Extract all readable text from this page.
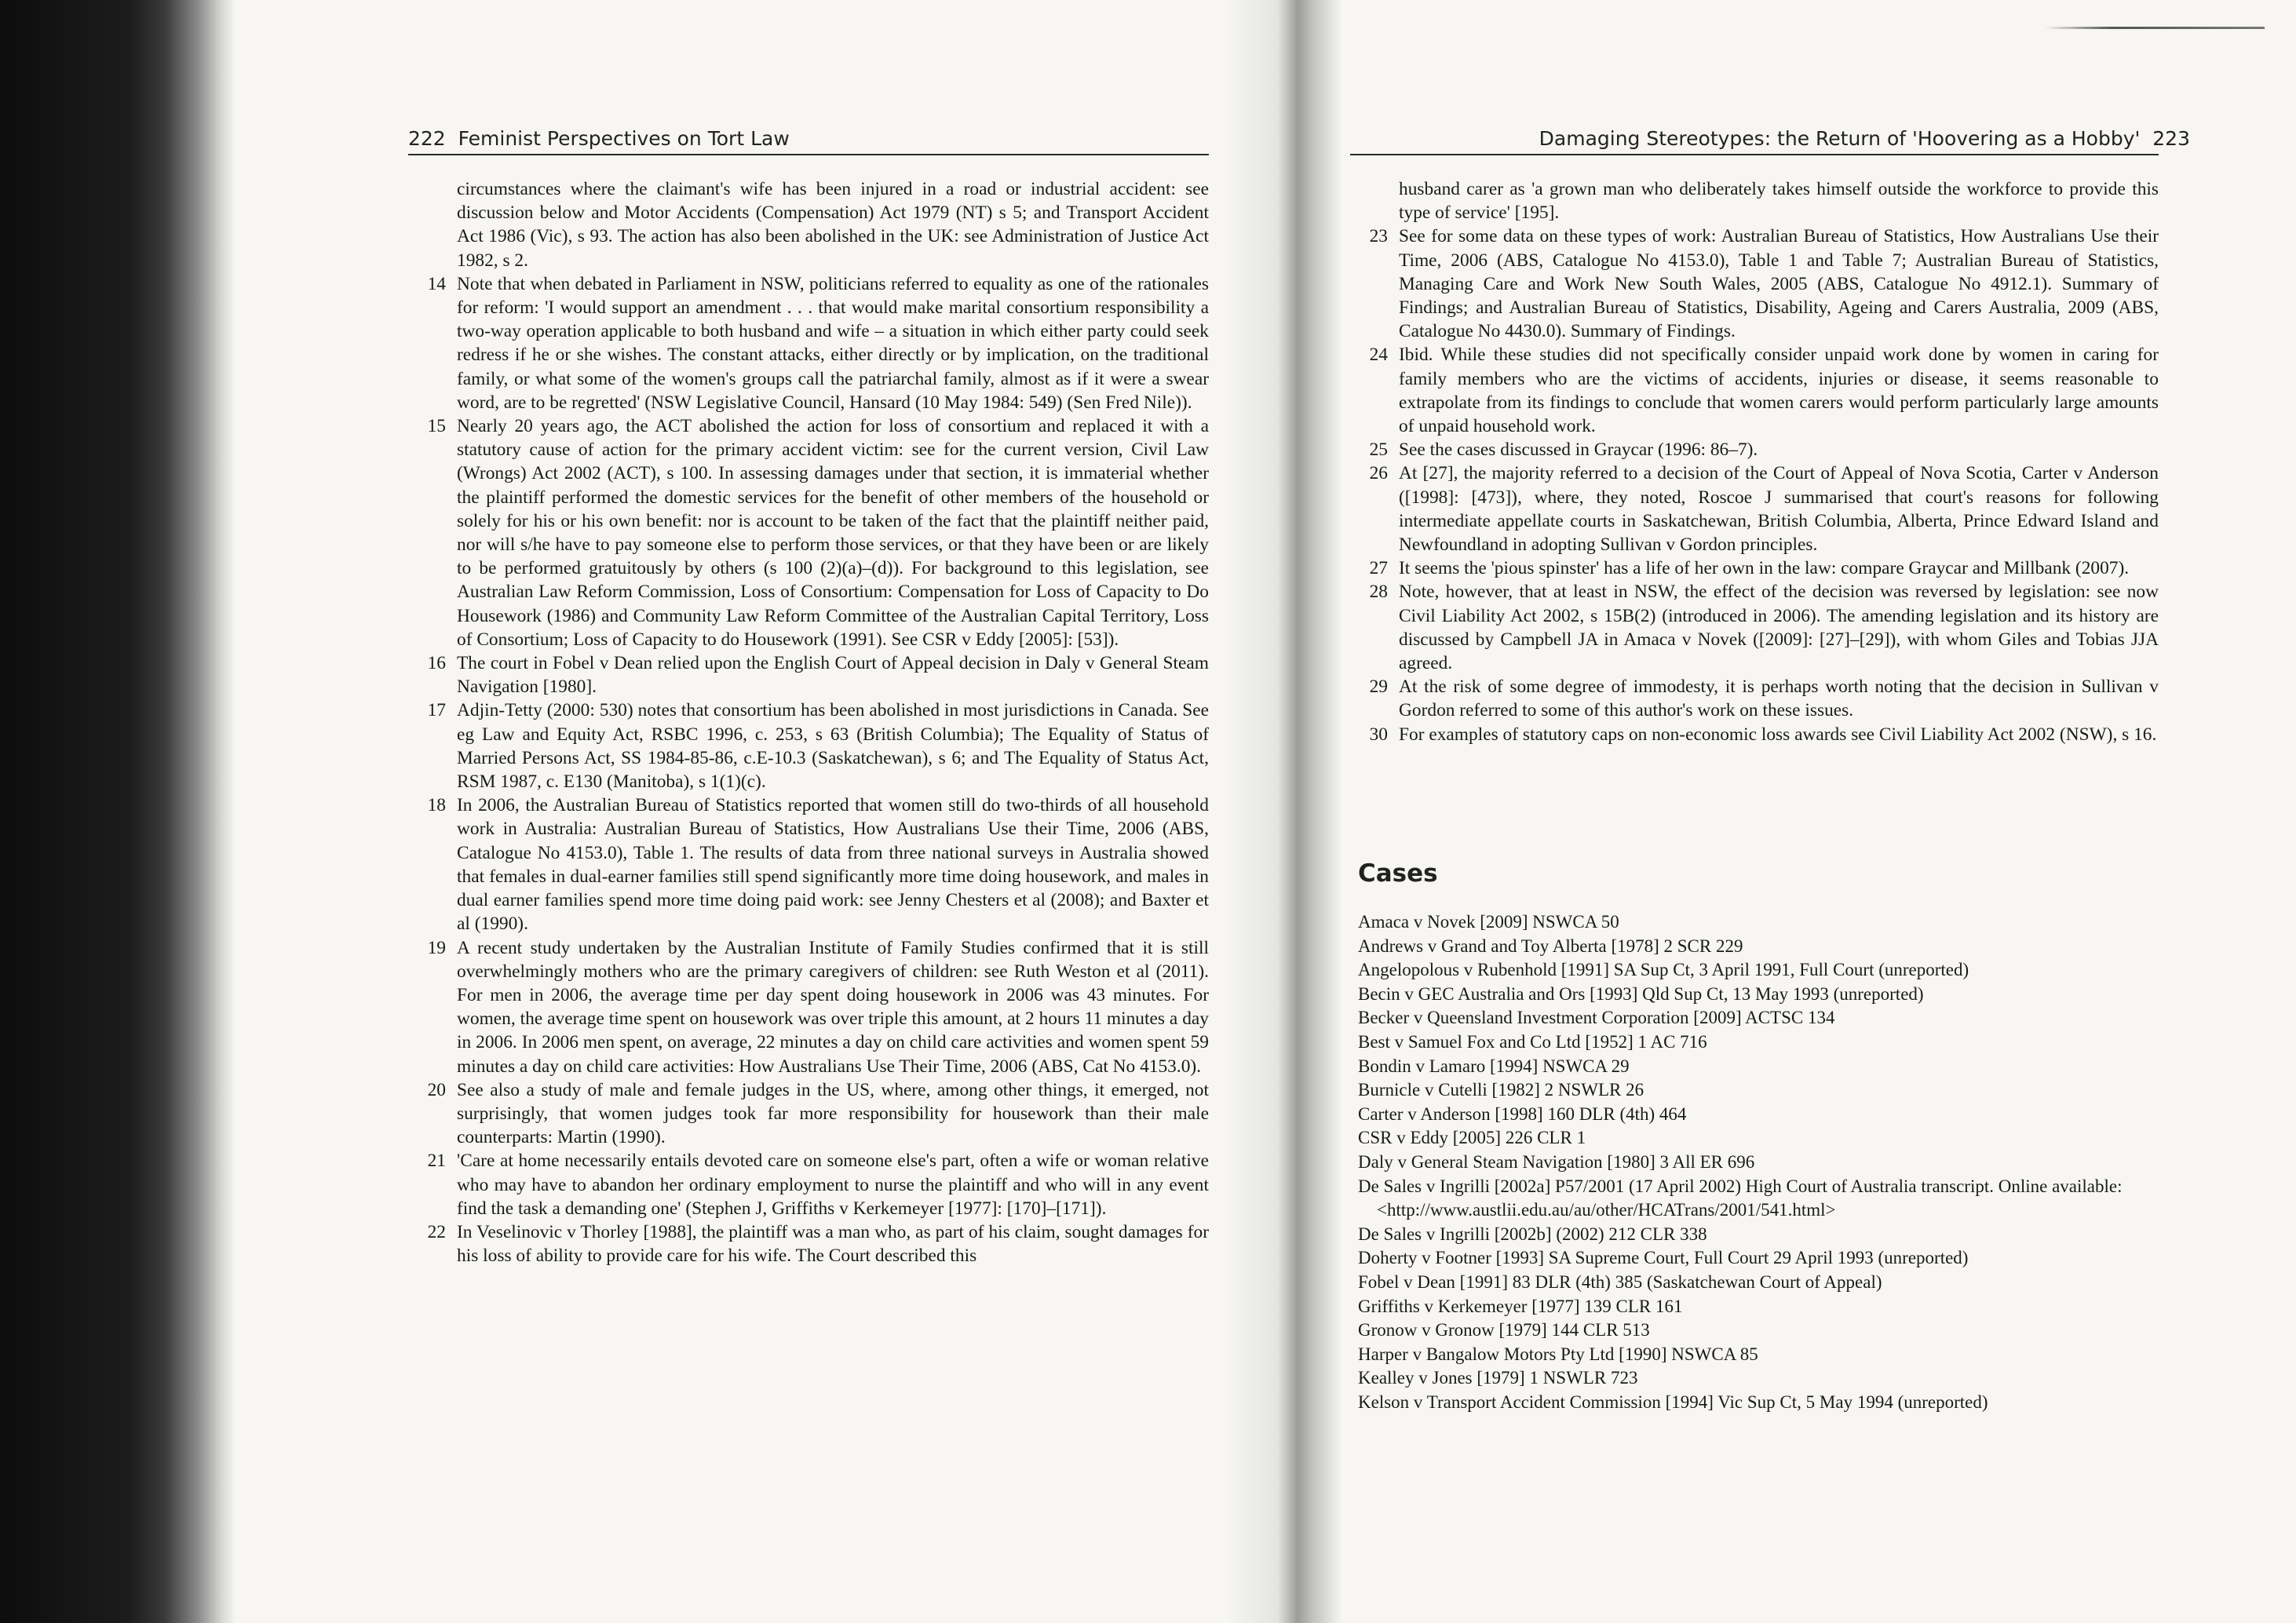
222 Feminist Perspectives on Tort Law
circumstances where the claimant's wife has been injured in a road or industrial accident: see discussion below and Motor Accidents (Compensation) Act 1979 (NT) s 5; and Transport Accident Act 1986 (Vic), s 93. The action has also been abolished in the UK: see Administration of Justice Act 1982, s 2.
14 Note that when debated in Parliament in NSW, politicians referred to equality as one of the rationales for reform: 'I would support an amendment . . . that would make marital consortium responsibility a two-way operation applicable to both husband and wife – a situation in which either party could seek redress if he or she wishes. The constant attacks, either directly or by implication, on the traditional family, or what some of the women's groups call the patriarchal family, almost as if it were a swear word, are to be regretted' (NSW Legislative Council, Hansard (10 May 1984: 549) (Sen Fred Nile)).
15 Nearly 20 years ago, the ACT abolished the action for loss of consortium and replaced it with a statutory cause of action for the primary accident victim: see for the current version, Civil Law (Wrongs) Act 2002 (ACT), s 100. In assessing damages under that section, it is immaterial whether the plaintiff performed the domestic services for the benefit of other members of the household or solely for his or his own benefit: nor is account to be taken of the fact that the plaintiff neither paid, nor will s/he have to pay someone else to perform those services, or that they have been or are likely to be performed gratuitously by others (s 100 (2)(a)–(d)). For background to this legislation, see Australian Law Reform Commission, Loss of Consortium: Compensation for Loss of Capacity to Do Housework (1986) and Community Law Reform Committee of the Australian Capital Territory, Loss of Consortium; Loss of Capacity to do Housework (1991). See CSR v Eddy [2005]: [53]).
16 The court in Fobel v Dean relied upon the English Court of Appeal decision in Daly v General Steam Navigation [1980].
17 Adjin-Tetty (2000: 530) notes that consortium has been abolished in most jurisdictions in Canada. See eg Law and Equity Act, RSBC 1996, c. 253, s 63 (British Columbia); The Equality of Status of Married Persons Act, SS 1984-85-86, c.E-10.3 (Saskatchewan), s 6; and The Equality of Status Act, RSM 1987, c. E130 (Manitoba), s 1(1)(c).
18 In 2006, the Australian Bureau of Statistics reported that women still do two-thirds of all household work in Australia: Australian Bureau of Statistics, How Australians Use their Time, 2006 (ABS, Catalogue No 4153.0), Table 1. The results of data from three national surveys in Australia showed that females in dual-earner families still spend significantly more time doing housework, and males in dual earner families spend more time doing paid work: see Jenny Chesters et al (2008); and Baxter et al (1990).
19 A recent study undertaken by the Australian Institute of Family Studies confirmed that it is still overwhelmingly mothers who are the primary caregivers of children: see Ruth Weston et al (2011). For men in 2006, the average time per day spent doing housework in 2006 was 43 minutes. For women, the average time spent on housework was over triple this amount, at 2 hours 11 minutes a day in 2006. In 2006 men spent, on average, 22 minutes a day on child care activities and women spent 59 minutes a day on child care activities: How Australians Use Their Time, 2006 (ABS, Cat No 4153.0).
20 See also a study of male and female judges in the US, where, among other things, it emerged, not surprisingly, that women judges took far more responsibility for housework than their male counterparts: Martin (1990).
21 'Care at home necessarily entails devoted care on someone else's part, often a wife or woman relative who may have to abandon her ordinary employment to nurse the plaintiff and who will in any event find the task a demanding one' (Stephen J, Griffiths v Kerkemeyer [1977]: [170]–[171]).
22 In Veselinovic v Thorley [1988], the plaintiff was a man who, as part of his claim, sought damages for his loss of ability to provide care for his wife. The Court described this
Damaging Stereotypes: the Return of 'Hoovering as a Hobby' 223
husband carer as 'a grown man who deliberately takes himself outside the workforce to provide this type of service' [195].
23 See for some data on these types of work: Australian Bureau of Statistics, How Australians Use their Time, 2006 (ABS, Catalogue No 4153.0), Table 1 and Table 7; Australian Bureau of Statistics, Managing Care and Work New South Wales, 2005 (ABS, Catalogue No 4912.1). Summary of Findings; and Australian Bureau of Statistics, Disability, Ageing and Carers Australia, 2009 (ABS, Catalogue No 4430.0). Summary of Findings.
24 Ibid. While these studies did not specifically consider unpaid work done by women in caring for family members who are the victims of accidents, injuries or disease, it seems reasonable to extrapolate from its findings to conclude that women carers would perform particularly large amounts of unpaid household work.
25 See the cases discussed in Graycar (1996: 86–7).
26 At [27], the majority referred to a decision of the Court of Appeal of Nova Scotia, Carter v Anderson ([1998]: [473]), where, they noted, Roscoe J summarised that court's reasons for following intermediate appellate courts in Saskatchewan, British Columbia, Alberta, Prince Edward Island and Newfoundland in adopting Sullivan v Gordon principles.
27 It seems the 'pious spinster' has a life of her own in the law: compare Graycar and Millbank (2007).
28 Note, however, that at least in NSW, the effect of the decision was reversed by legislation: see now Civil Liability Act 2002, s 15B(2) (introduced in 2006). The amending legislation and its history are discussed by Campbell JA in Amaca v Novek ([2009]: [27]–[29]), with whom Giles and Tobias JJA agreed.
29 At the risk of some degree of immodesty, it is perhaps worth noting that the decision in Sullivan v Gordon referred to some of this author's work on these issues.
30 For examples of statutory caps on non-economic loss awards see Civil Liability Act 2002 (NSW), s 16.
Cases
Amaca v Novek [2009] NSWCA 50
Andrews v Grand and Toy Alberta [1978] 2 SCR 229
Angelopolous v Rubenhold [1991] SA Sup Ct, 3 April 1991, Full Court (unreported)
Becin v GEC Australia and Ors [1993] Qld Sup Ct, 13 May 1993 (unreported)
Becker v Queensland Investment Corporation [2009] ACTSC 134
Best v Samuel Fox and Co Ltd [1952] 1 AC 716
Bondin v Lamaro [1994] NSWCA 29
Burnicle v Cutelli [1982] 2 NSWLR 26
Carter v Anderson [1998] 160 DLR (4th) 464
CSR v Eddy [2005] 226 CLR 1
Daly v General Steam Navigation [1980] 3 All ER 696
De Sales v Ingrilli [2002a] P57/2001 (17 April 2002) High Court of Australia transcript. Online available: <http://www.austlii.edu.au/au/other/HCATrans/2001/541.html>
De Sales v Ingrilli [2002b] (2002) 212 CLR 338
Doherty v Footner [1993] SA Supreme Court, Full Court 29 April 1993 (unreported)
Fobel v Dean [1991] 83 DLR (4th) 385 (Saskatchewan Court of Appeal)
Griffiths v Kerkemeyer [1977] 139 CLR 161
Gronow v Gronow [1979] 144 CLR 513
Harper v Bangalow Motors Pty Ltd [1990] NSWCA 85
Kealley v Jones [1979] 1 NSWLR 723
Kelson v Transport Accident Commission [1994] Vic Sup Ct, 5 May 1994 (unreported)
